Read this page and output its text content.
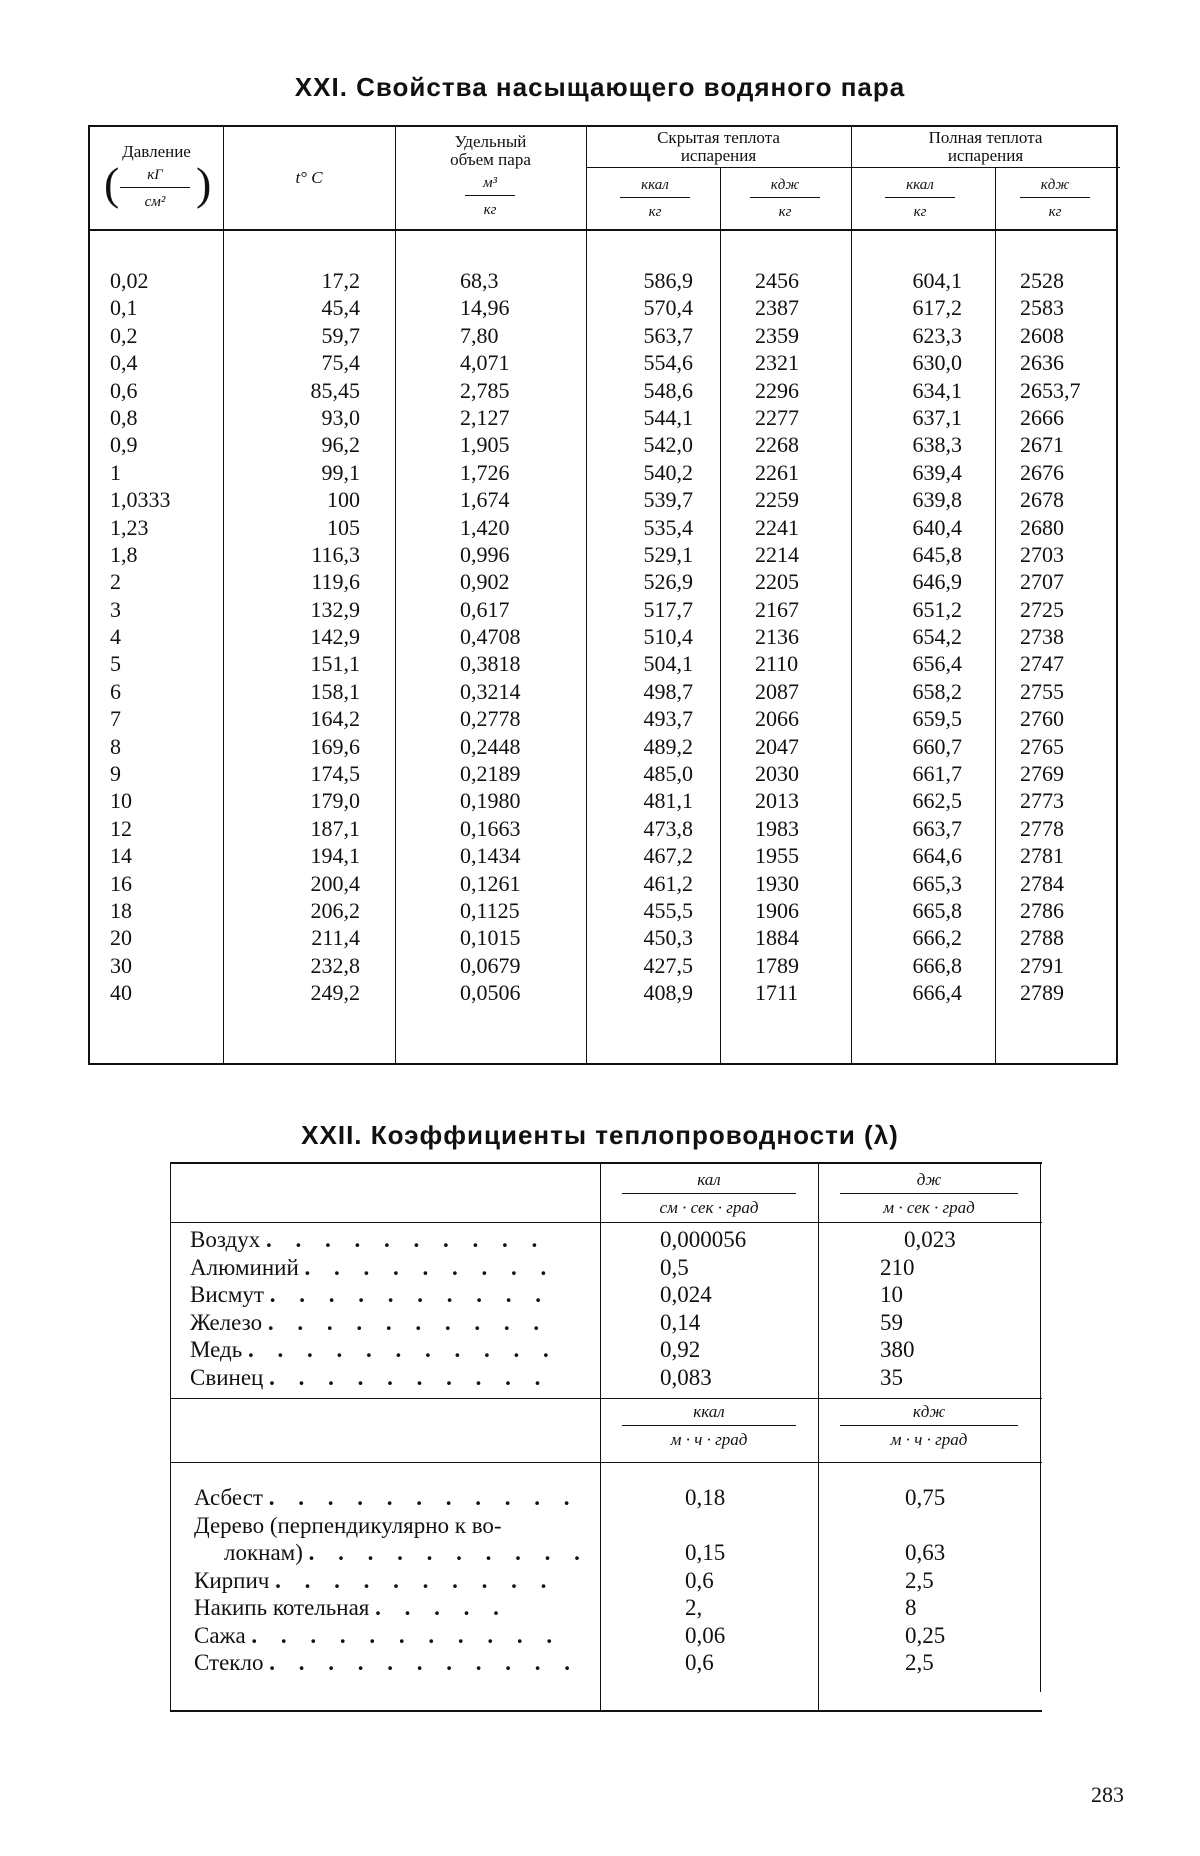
XXI. Свойства насыщающего водяного пара
Давление
кГ
см²
( )	t° C
Удельный
объем пара
м³
кг
Скрытая теплота
испарения
ккал
кг
кдж
кг
Полная теплота
испарения
ккал
кг
кдж
кг
0,02
0,1
0,2
0,4
0,6
0,8
0,9
1
1,0333
1,23
1,8
2
3
4
5
6
7
8
9
10
12
14
16
18
20
30
40
17,2
45,4
59,7
75,4
85,45
93,0
96,2
99,1
100
105
116,3
119,6
132,9
142,9
151,1
158,1
164,2
169,6
174,5
179,0
187,1
194,1
200,4
206,2
211,4
232,8
249,2
68,3
14,96
7,80
4,071
2,785
2,127
1,905
1,726
1,674
1,420
0,996
0,902
0,617
0,4708
0,3818
0,3214
0,2778
0,2448
0,2189
0,1980
0,1663
0,1434
0,1261
0,1125
0,1015
0,0679
0,0506
586,9
570,4
563,7
554,6
548,6
544,1
542,0
540,2
539,7
535,4
529,1
526,9
517,7
510,4
504,1
498,7
493,7
489,2
485,0
481,1
473,8
467,2
461,2
455,5
450,3
427,5
408,9
2456
2387
2359
2321
2296
2277
2268
2261
2259
2241
2214
2205
2167
2136
2110
2087
2066
2047
2030
2013
1983
1955
1930
1906
1884
1789
1711
604,1
617,2
623,3
630,0
634,1
637,1
638,3
639,4
639,8
640,4
645,8
646,9
651,2
654,2
656,4
658,2
659,5
660,7
661,7
662,5
663,7
664,6
665,3
665,8
666,2
666,8
666,4
2528
2583
2608
2636
2653,7
2666
2671
2676
2678
2680
2703
2707
2725
2738
2747
2755
2760
2765
2769
2773
2778
2781
2784
2786
2788
2791
2789
XXII. Коэффициенты теплопроводности (λ)
кал
см · сек · град
дж
м · сек · град
Воздух . . . . . . . . . .
Алюминий . . . . . . . . .
Висмут . . . . . . . . . .
Железо . . . . . . . . . .
Медь . . . . . . . . . . .
Свинец . . . . . . . . . .
0,000056
0,5
0,024
0,14
0,92
0,083
0,023
210
10
59
380
35
ккал
м · ч · град
кдж
м · ч · град
Асбест . . . . . . . . . . .
Дерево (перпендикулярно к во-
локнам) . . . . . . . . . .
Кирпич . . . . . . . . . .
Накипь котельная . . . . .
Сажа . . . . . . . . . . .
Стекло . . . . . . . . . . .
0,18
0,15
0,6
2,
0,06
0,6
0,75
0,63
2,5
8
0,25
2,5
283
